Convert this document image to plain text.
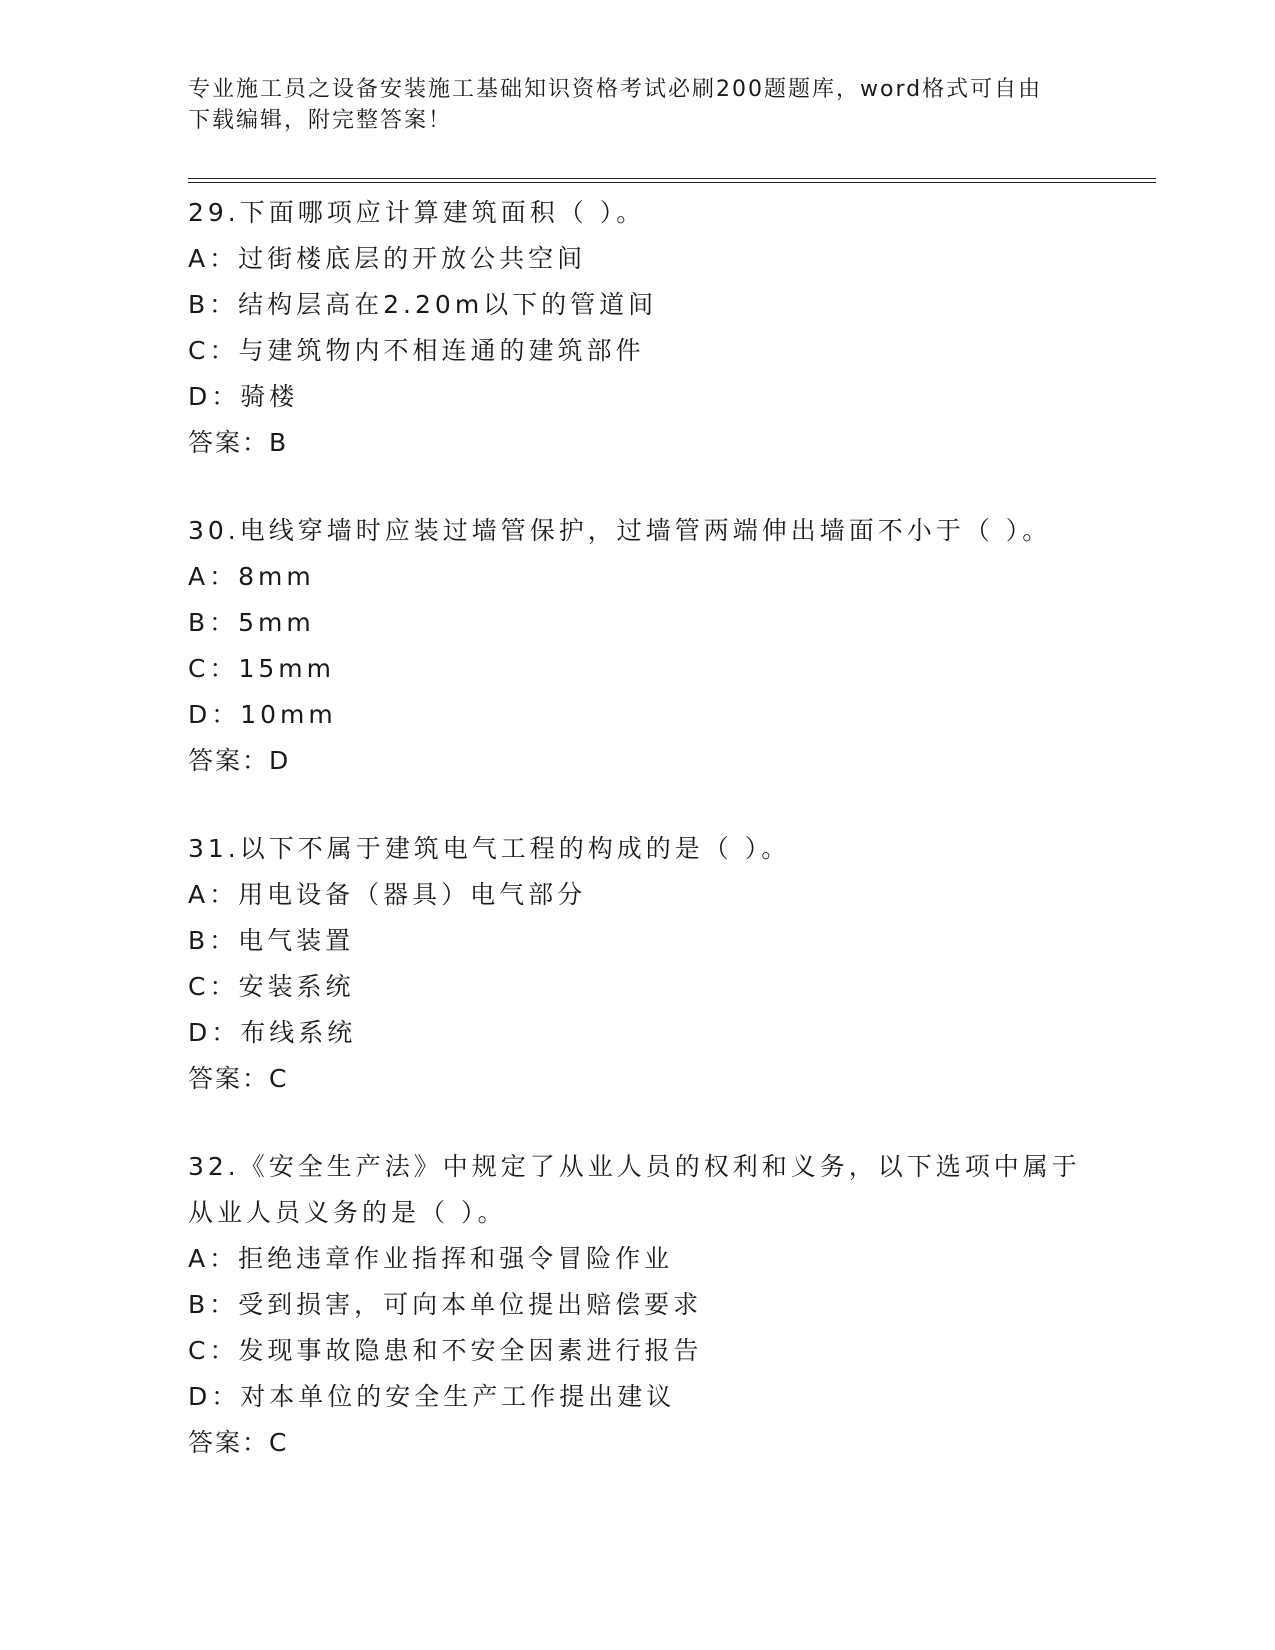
专业施工员之设备安装施工基础知识资格考试必刷200题题库，word格式可自由
下载编辑，附完整答案！
29.下面哪项应计算建筑面积（ ）。
A：过街楼底层的开放公共空间
B：结构层高在2.20m以下的管道间
C：与建筑物内不相连通的建筑部件
D：骑楼
答案：B
30.电线穿墙时应装过墙管保护，过墙管两端伸出墙面不小于（ ）。
A：8mm
B：5mm
C：15mm
D：10mm
答案：D
31.以下不属于建筑电气工程的构成的是（ ）。
A：用电设备（器具）电气部分
B：电气装置
C：安装系统
D：布线系统
答案：C
32.《安全生产法》中规定了从业人员的权利和义务，以下选项中属于
从业人员义务的是（ ）。
A：拒绝违章作业指挥和强令冒险作业
B：受到损害，可向本单位提出赔偿要求
C：发现事故隐患和不安全因素进行报告
D：对本单位的安全生产工作提出建议
答案：C
